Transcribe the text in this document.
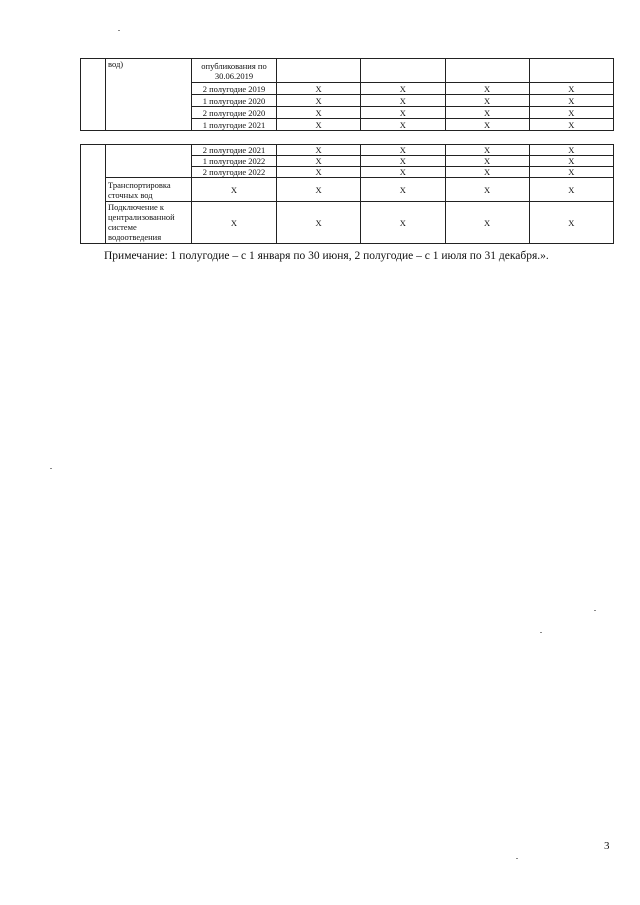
	вод)	опубликования по 30.06.2019				
		2 полугодие 2019	X	X	X	X
		1 полугодие 2020	X	X	X	X
		2 полугодие 2020	X	X	X	X
		1 полугодие 2021	X	X	X	X
		2 полугодие 2021	X	X	X	X
		1 полугодие 2022	X	X	X	X
		2 полугодие 2022	X	X	X	X
	Транспортировка сточных вод	Х	Х	Х	Х	Х
	Подключение к централизованной системе водоотведения	Х	Х	Х	Х	Х
Примечание: 1 полугодие – с 1 января по 30 июня, 2 полугодие – с 1 июля по 31 декабря.».
3
